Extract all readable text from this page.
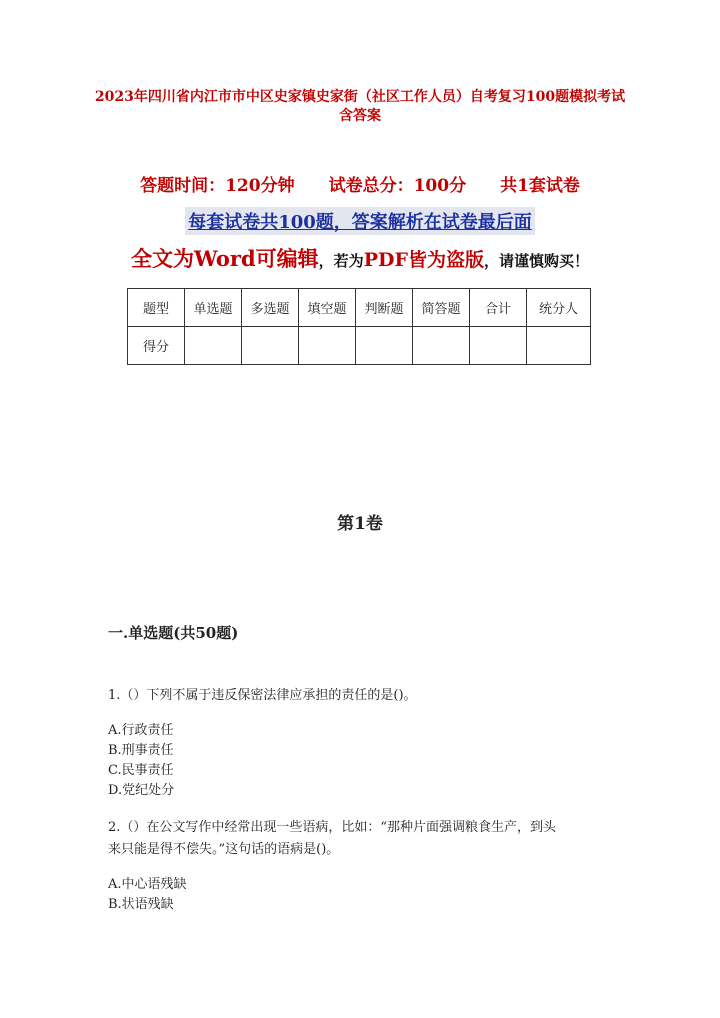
2023年四川省内江市市中区史家镇史家街（社区工作人员）自考复习100题模拟考试含答案
答题时间：120分钟　　试卷总分：100分　　共1套试卷
每套试卷共100题，答案解析在试卷最后面
全文为Word可编辑，若为PDF皆为盗版，请谨慎购买！
题型	单选题	多选题	填空题	判断题	简答题	合计	统分人
得分							
第1卷
一.单选题(共50题)
1.（）下列不属于违反保密法律应承担的责任的是()。
A.行政责任
B.刑事责任
C.民事责任
D.党纪处分
2.（）在公文写作中经常出现一些语病，比如：“那种片面强调粮食生产，到头
来只能是得不偿失。”这句话的语病是()。
A.中心语残缺
B.状语残缺
